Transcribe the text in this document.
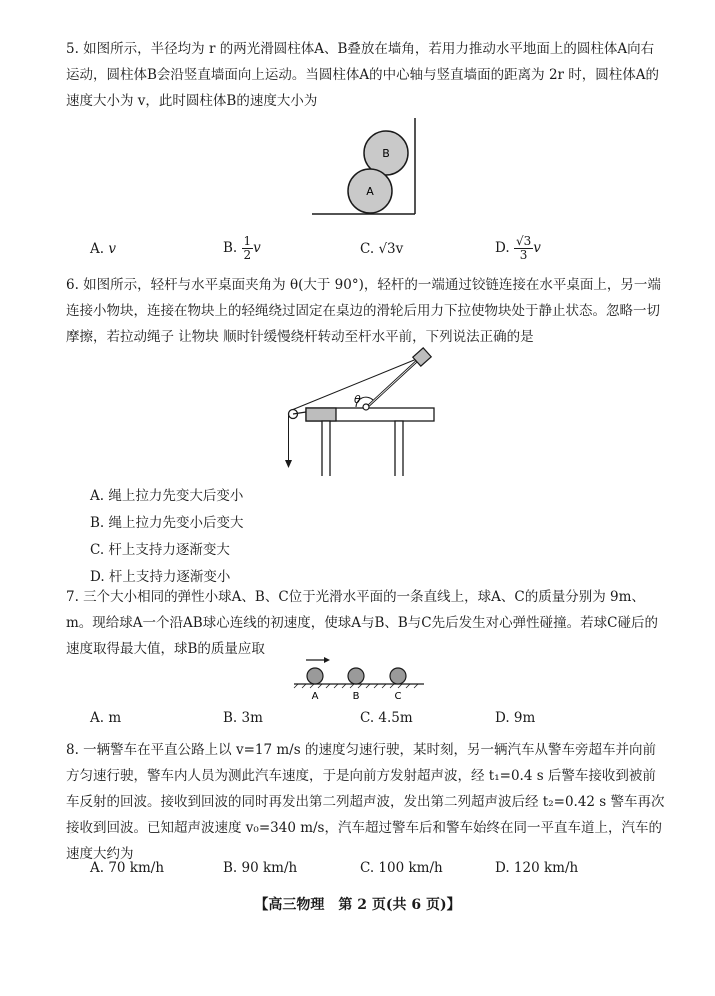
5. 如图所示，半径均为 r 的两光滑圆柱体A、B叠放在墙角，若用力推动水平地面上的圆柱体A向右运动，圆柱体B会沿竖直墙面向上运动。当圆柱体A的中心轴与竖直墙面的距离为 2r 时，圆柱体A的速度大小为 v，此时圆柱体B的速度大小为

B
A
A. v	B. $\frac{1}{2}$ v	C. √3v	D. $\frac{√3}{3}$ v

6. 如图所示，轻杆与水平桌面夹角为 θ(大于 90°)，轻杆的一端通过铰链连接在水平桌面上，另一端连接小物块，连接在物块上的轻绳绕过固定在桌边的滑轮后用力下拉使物块处于静止状态。忽略一切摩擦，若拉动绳子 让物块 顺时针缓慢绕杆转动至杆水平前，下列说法正确的是

θ
A. 绳上拉力先变大后变小
B. 绳上拉力先变小后变大
C. 杆上支持力逐渐变大
D. 杆上支持力逐渐变小

7. 三个大小相同的弹性小球A、B、C位于光滑水平面的一条直线上，球A、C的质量分别为 9m、m。现给球A一个沿AB球心连线的初速度，使球A与B、B与C先后发生对心弹性碰撞。若球C碰后的速度取得最大值，球B的质量应取

A	B	C
A. m	B. 3m	C. 4.5m	D. 9m

8. 一辆警车在平直公路上以 v=17 m/s 的速度匀速行驶，某时刻，另一辆汽车从警车旁超车并向前方匀速行驶，警车内人员为测此汽车速度，于是向前方发射超声波，经 t₁=0.4 s 后警车接收到被前车反射的回波。接收到回波的同时再发出第二列超声波，发出第二列超声波后经 t₂=0.42 s 警车再次接收到回波。已知超声波速度 v₀=340 m/s，汽车超过警车后和警车始终在同一平直车道上，汽车的速度大约为

A. 70 km/h	B. 90 km/h	C. 100 km/h	D. 120 km/h
【高三物理　第 2 页(共 6 页)】
